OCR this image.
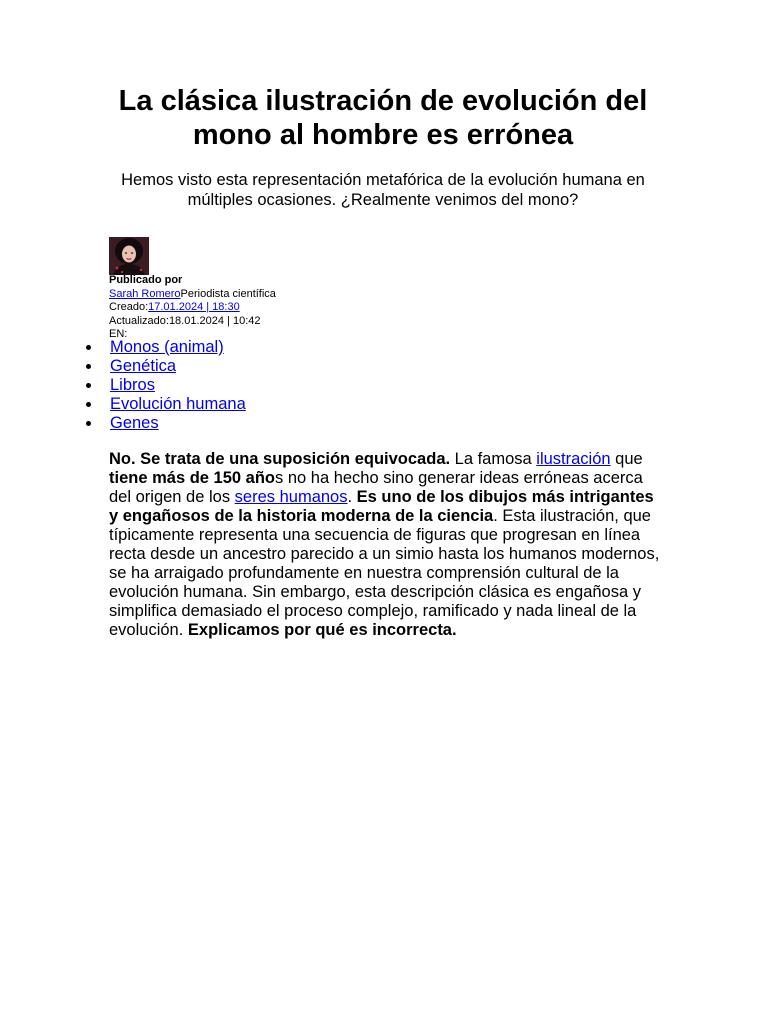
La clásica ilustración de evolución del mono al hombre es errónea

Hemos visto esta representación metafórica de la evolución humana en múltiples ocasiones. ¿Realmente venimos del mono?

Publicado por
Sarah RomeroPeriodista científica
Creado:17.01.2024 | 18:30
Actualizado:18.01.2024 | 10:42
EN:
Monos (animal)
Genética
Libros
Evolución humana
Genes

No. Se trata de una suposición equivocada. La famosa ilustración que tiene más de 150 años no ha hecho sino generar ideas erróneas acerca del origen de los seres humanos. Es uno de los dibujos más intrigantes y engañosos de la historia moderna de la ciencia. Esta ilustración, que típicamente representa una secuencia de figuras que progresan en línea recta desde un ancestro parecido a un simio hasta los humanos modernos, se ha arraigado profundamente en nuestra comprensión cultural de la evolución humana. Sin embargo, esta descripción clásica es engañosa y simplifica demasiado el proceso complejo, ramificado y nada lineal de la evolución. Explicamos por qué es incorrecta.
